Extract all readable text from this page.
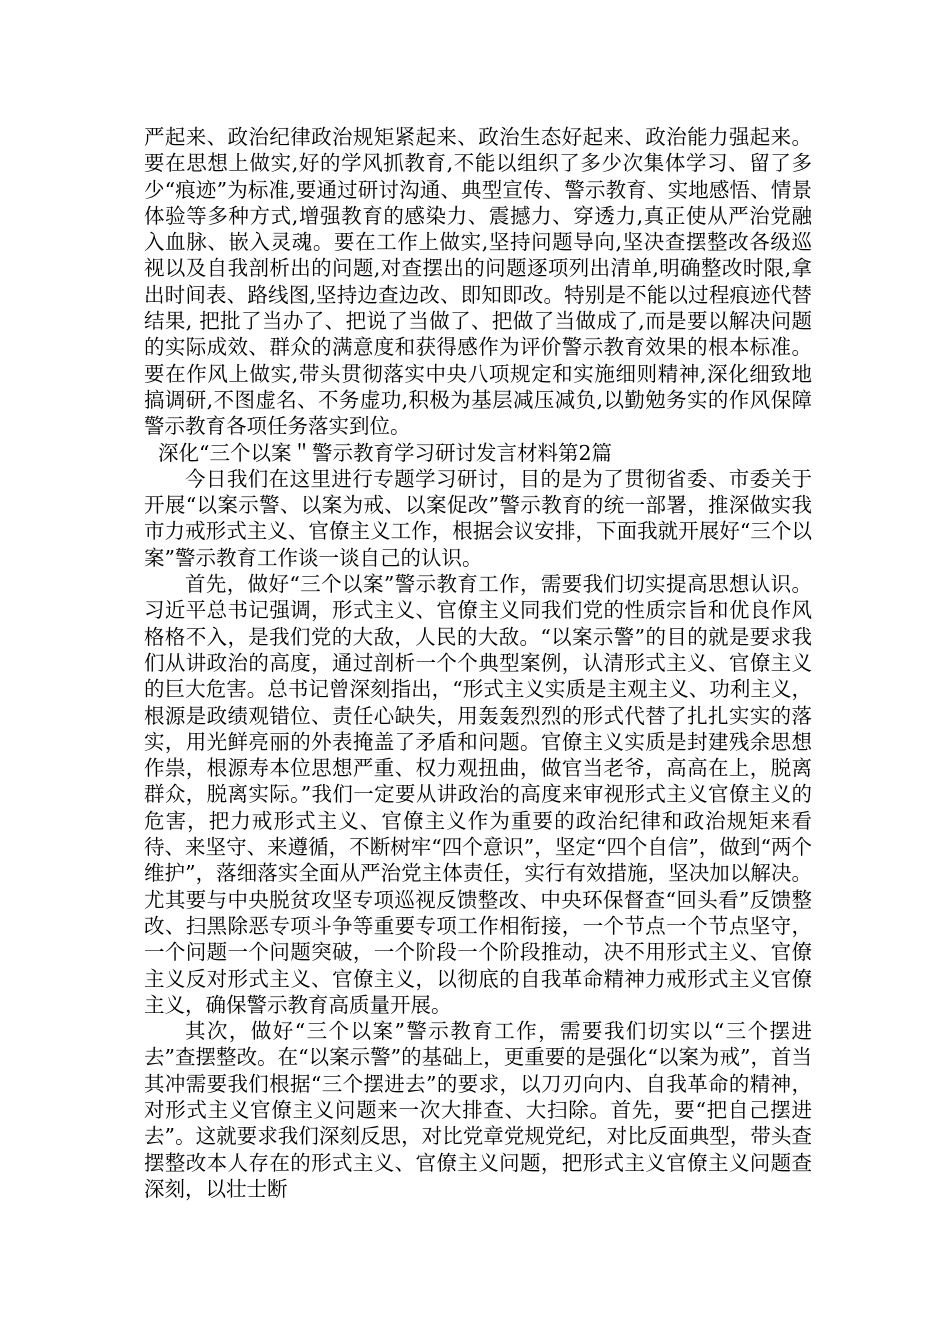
严起来、政治纪律政治规矩紧起来、政治生态好起来、政治能力强起来。要在思想上做实,好的学风抓教育,不能以组织了多少次集体学习、留了多少“痕迹”为标准,要通过研讨沟通、典型宣传、警示教育、实地感悟、情景体验等多种方式,增强教育的感染力、震撼力、穿透力,真正使从严治党融入血脉、嵌入灵魂。要在工作上做实,坚持问题导向,坚决查摆整改各级巡视以及自我剖析出的问题,对查摆出的问题逐项列出清单,明确整改时限,拿出时间表、路线图,坚持边查边改、即知即改。特别是不能以过程痕迹代替结果, 把批了当办了、把说了当做了、把做了当做成了,而是要以解决问题的实际成效、群众的满意度和获得感作为评价警示教育效果的根本标准。要在作风上做实,带头贯彻落实中央八项规定和实施细则精神,深化细致地搞调研,不图虚名、不务虚功,积极为基层减压减负,以勤勉务实的作风保障警示教育各项任务落实到位。

深化“三个以案＂警示教育学习研讨发言材料第2篇

今日我们在这里进行专题学习研讨，目的是为了贯彻省委、市委关于开展“以案示警、以案为戒、以案促改”警示教育的统一部署，推深做实我市力戒形式主义、官僚主义工作，根据会议安排，下面我就开展好“三个以案”警示教育工作谈一谈自己的认识。

首先，做好“三个以案”警示教育工作，需要我们切实提高思想认识。习近平总书记强调，形式主义、官僚主义同我们党的性质宗旨和优良作风格格不入，是我们党的大敌，人民的大敌。“以案示警”的目的就是要求我们从讲政治的高度，通过剖析一个个典型案例，认清形式主义、官僚主义的巨大危害。总书记曾深刻指出，“形式主义实质是主观主义、功利主义，根源是政绩观错位、责任心缺失，用轰轰烈烈的形式代替了扎扎实实的落实，用光鲜亮丽的外表掩盖了矛盾和问题。官僚主义实质是封建残余思想作祟，根源寿本位思想严重、权力观扭曲，做官当老爷，高高在上，脱离群众，脱离实际。”我们一定要从讲政治的高度来审视形式主义官僚主义的危害，把力戒形式主义、官僚主义作为重要的政治纪律和政治规矩来看待、来坚守、来遵循，不断树牢“四个意识”，坚定“四个自信”，做到“两个维护”，落细落实全面从严治党主体责任，实行有效措施，坚决加以解决。尤其要与中央脱贫攻坚专项巡视反馈整改、中央环保督查“回头看”反馈整改、扫黑除恶专项斗争等重要专项工作相衔接，一个节点一个节点坚守，一个问题一个问题突破，一个阶段一个阶段推动，决不用形式主义、官僚主义反对形式主义、官僚主义，以彻底的自我革命精神力戒形式主义官僚主义，确保警示教育高质量开展。

其次，做好“三个以案”警示教育工作，需要我们切实以“三个摆进去”查摆整改。在“以案示警”的基础上，更重要的是强化“以案为戒”，首当其冲需要我们根据“三个摆进去”的要求，以刀刃向内、自我革命的精神，对形式主义官僚主义问题来一次大排查、大扫除。首先，要“把自己摆进去”。这就要求我们深刻反思，对比党章党规党纪，对比反面典型，带头查摆整改本人存在的形式主义、官僚主义问题，把形式主义官僚主义问题查深刻，以壮士断
